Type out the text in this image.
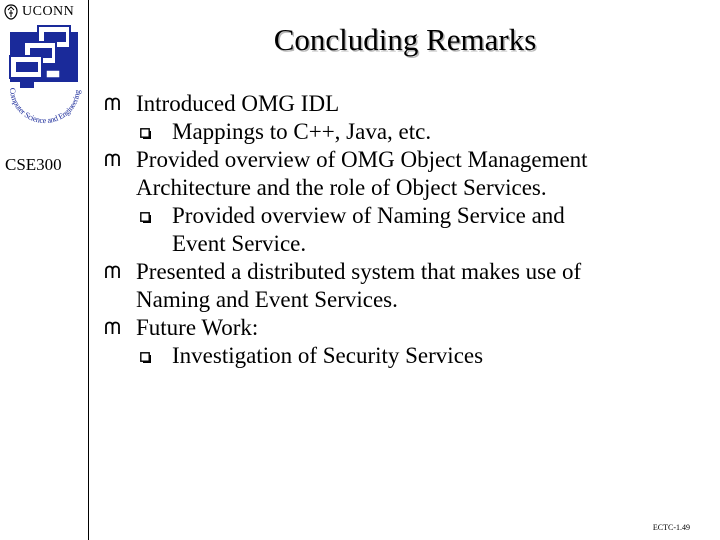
UCONN
Computer Science and Engineering
CSE300
Concluding Remarks
Introduced OMG IDL
Mappings to C++, Java, etc.
Provided overview of OMG Object Management
Architecture and the role of Object Services.
Provided overview of Naming Service and
Event Service.
Presented a distributed system that makes use of
Naming and Event Services.
Future Work:
Investigation of Security Services
ECTC-1.49
